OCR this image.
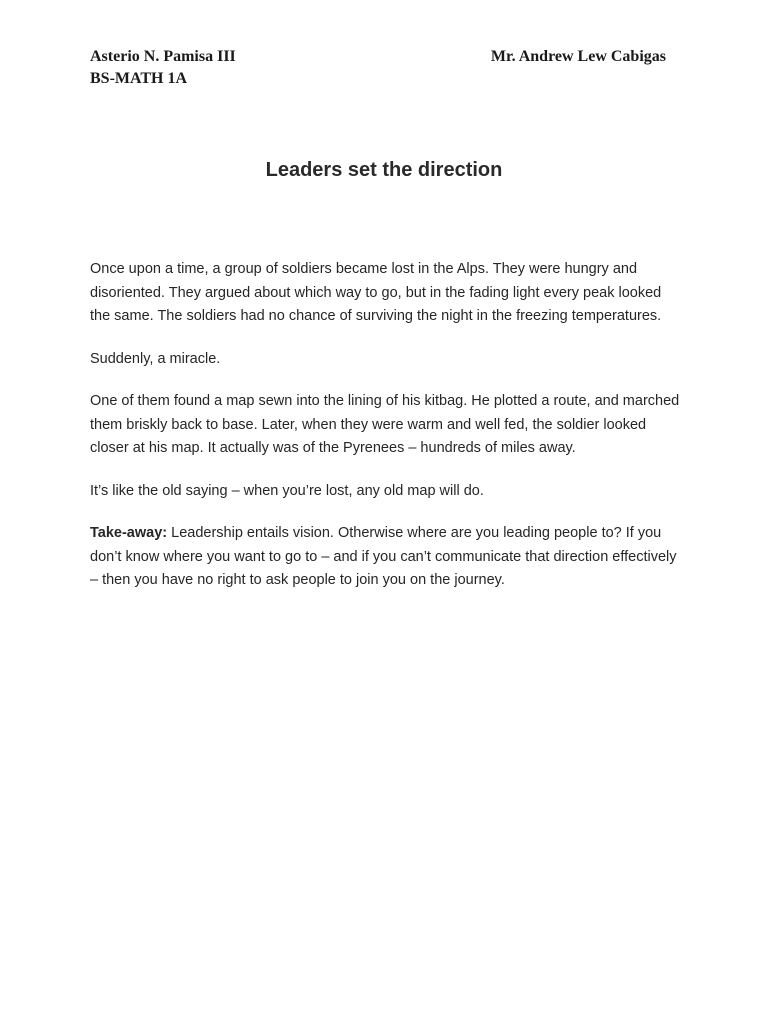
Asterio N. Pamisa III	Mr. Andrew Lew Cabigas
BS-MATH 1A
Leaders set the direction

Once upon a time, a group of soldiers became lost in the Alps. They were hungry and disoriented. They argued about which way to go, but in the fading light every peak looked the same. The soldiers had no chance of surviving the night in the freezing temperatures.

Suddenly, a miracle.

One of them found a map sewn into the lining of his kitbag. He plotted a route, and marched them briskly back to base. Later, when they were warm and well fed, the soldier looked closer at his map. It actually was of the Pyrenees – hundreds of miles away.

It’s like the old saying – when you’re lost, any old map will do.

Take-away: Leadership entails vision. Otherwise where are you leading people to? If you don’t know where you want to go to – and if you can’t communicate that direction effectively – then you have no right to ask people to join you on the journey.
